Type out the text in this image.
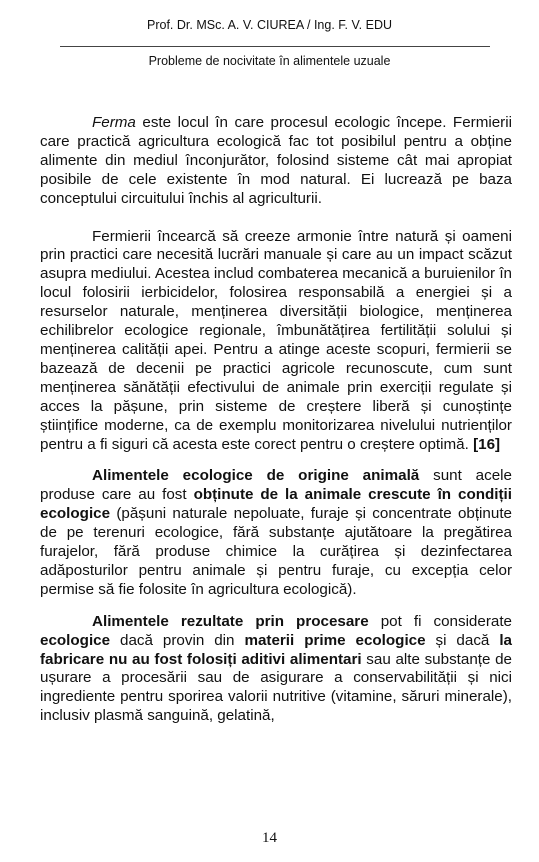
Prof. Dr. MSc. A. V. CIUREA / Ing. F. V. EDU
Probleme de nocivitate în alimentele uzuale

Ferma este locul în care procesul ecologic începe. Fermierii care practică agricultura ecologică fac tot posibilul pentru a obține alimente din mediul înconjurător, folosind sisteme cât mai apropiat posibile de cele existente în mod natural. Ei lucrează pe baza conceptului circuitului închis al agriculturii.

Fermierii încearcă să creeze armonie între natură și oameni prin practici care necesită lucrări manuale și care au un impact scăzut asupra mediului. Acestea includ combaterea mecanică a buruienilor în locul folosirii ierbicidelor, folosirea responsabilă a energiei și a resurselor naturale, menținerea diversității biologice, menținerea echilibrelor ecologice regionale, îmbunătățirea fertilității solului și menținerea calității apei. Pentru a atinge aceste scopuri, fermierii se bazează de decenii pe practici agricole recunoscute, cum sunt menținerea sănătății efectivului de animale prin exerciții regulate și acces la pășune, prin sisteme de creștere liberă și cunoștințe științifice moderne, ca de exemplu monitorizarea nivelului nutrienților pentru a fi siguri că acesta este corect pentru o creștere optimă. [16]

Alimentele ecologice de origine animală sunt acele produse care au fost obținute de la animale crescute în condiții ecologice (pășuni naturale nepoluate, furaje și concentrate obținute de pe terenuri ecologice, fără substanțe ajutătoare la pregătirea furajelor, fără produse chimice la curățirea și dezinfectarea adăposturilor pentru animale și pentru furaje, cu excepția celor permise să fie folosite în agricultura ecologică).

Alimentele rezultate prin procesare pot fi considerate ecologice dacă provin din materii prime ecologice și dacă la fabricare nu au fost folosiți aditivi alimentari sau alte substanțe de ușurare a procesării sau de asigurare a conservabilității și nici ingrediente pentru sporirea valorii nutritive (vitamine, săruri minerale), inclusiv plasmă sanguină, gelatină,

14
